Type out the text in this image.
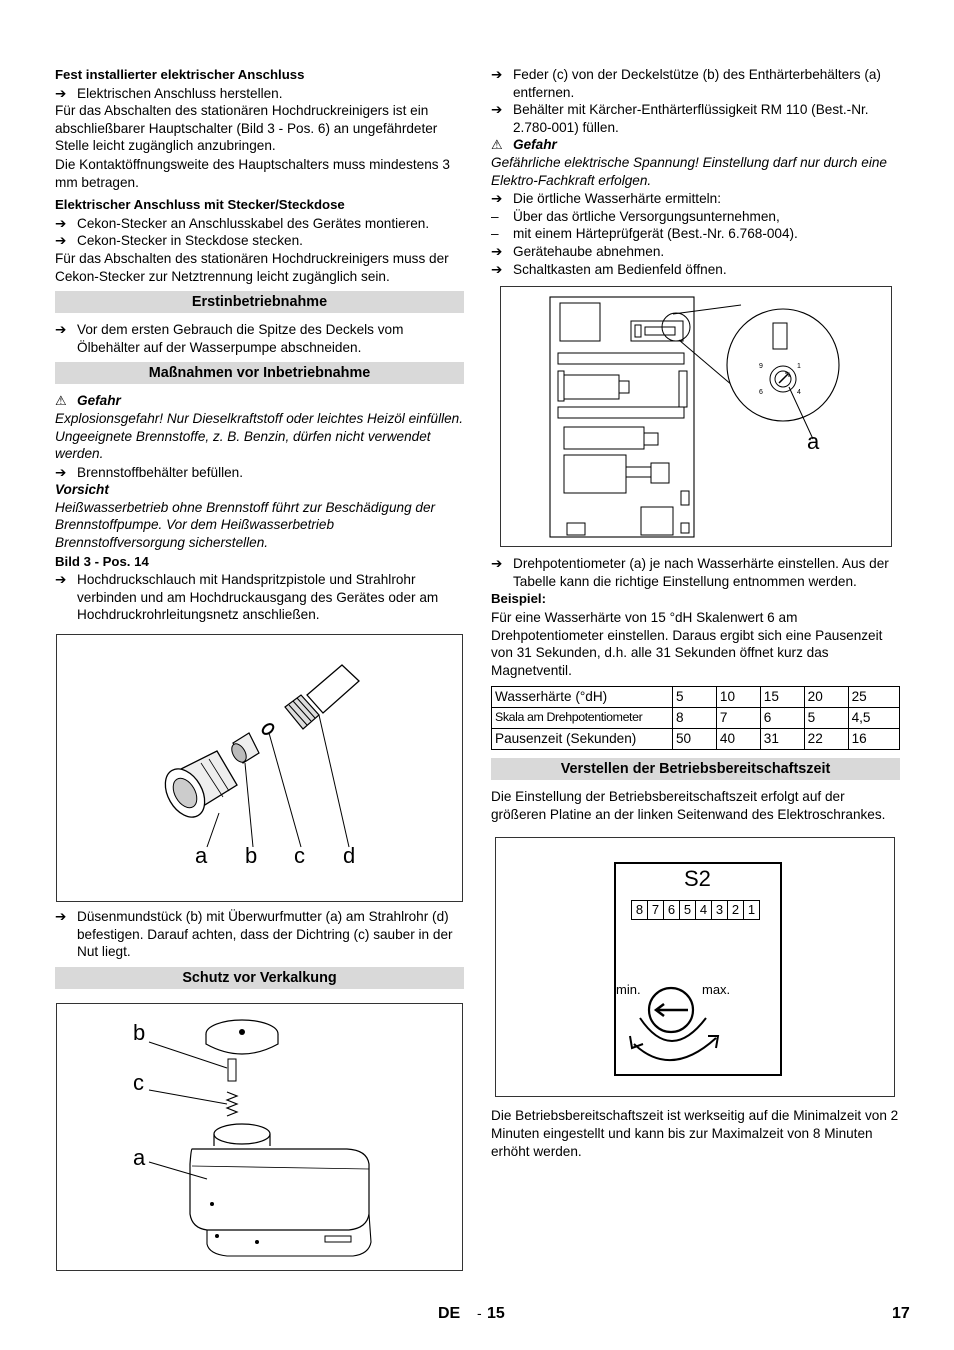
Fest installierter elektrischer Anschluss
➔ Elektrischen Anschluss herstellen.
Für das Abschalten des stationären Hochdruckreinigers ist ein abschließbarer Hauptschalter (Bild 3 - Pos. 6) an ungefährdeter Stelle leicht zugänglich anzubringen.
Die Kontaktöffnungsweite des Hauptschalters muss mindestens 3 mm betragen.
Elektrischer Anschluss mit Stecker/Steckdose
➔ Cekon-Stecker an Anschlusskabel des Gerätes montieren.
➔ Cekon-Stecker in Steckdose stecken.
Für das Abschalten des stationären Hochdruckreinigers muss der Cekon-Stecker zur Netztrennung leicht zugänglich sein.
Erstinbetriebnahme
➔ Vor dem ersten Gebrauch die Spitze des Deckels vom Ölbehälter auf der Wasserpumpe abschneiden.
Maßnahmen vor Inbetriebnahme
⚠ Gefahr
Explosionsgefahr! Nur Dieselkraftstoff oder leichtes Heizöl einfüllen. Ungeeignete Brennstoffe, z. B. Benzin, dürfen nicht verwendet werden.
➔ Brennstoffbehälter befüllen.
Vorsicht
Heißwasserbetrieb ohne Brennstoff führt zur Beschädigung der Brennstoffpumpe. Vor dem Heißwasserbetrieb Brennstoffversorgung sicherstellen.
Bild 3 - Pos. 14
➔ Hochdruckschlauch mit Handspritzpistole und Strahlrohr verbinden und am Hochdruckausgang des Gerätes oder am Hochdruckrohrleitungsnetz anschließen.
a b c d
➔ Düsenmundstück (b) mit Überwurfmutter (a) am Strahlrohr (d) befestigen. Darauf achten, dass der Dichtring (c) sauber in der Nut liegt.
Schutz vor Verkalkung
b
c
a
➔ Feder (c) von der Deckelstütze (b) des Enthärterbehälters (a) entfernen.
➔ Behälter mit Kärcher-Enthärterflüssigkeit RM 110 (Best.-Nr. 2.780-001) füllen.
⚠ Gefahr
Gefährliche elektrische Spannung! Einstellung darf nur durch eine Elektro-Fachkraft erfolgen.
➔ Die örtliche Wasserhärte ermitteln:
–	Über das örtliche Versorgungsunternehmen,
–	mit einem Härteprüfgerät (Best.-Nr. 6.768-004).
➔ Gerätehaube abnehmen.
➔ Schaltkasten am Bedienfeld öffnen.
9	1
6	4
a
➔ Drehpotentiometer (a) je nach Wasserhärte einstellen. Aus der Tabelle kann die richtige Einstellung entnommen werden.
Beispiel:
Für eine Wasserhärte von 15 °dH Skalenwert 6 am Drehpotentiometer einstellen. Daraus ergibt sich eine Pausenzeit von 31 Sekunden, d.h. alle 31 Sekunden öffnet kurz das Magnetventil.
Wasserhärte (°dH)	5	10	15	20	25
Skala am Drehpotentiometer	8	7	6	5	4,5
Pausenzeit (Sekunden)	50	40	31	22	16
Verstellen der Betriebsbereitschaftszeit
Die Einstellung der Betriebsbereitschaftszeit erfolgt auf der größeren Platine an der linken Seitenwand des Elektroschrankes.
S2
8 7 6 5 4 3 2 1
min.	max.
Die Betriebsbereitschaftszeit ist werkseitig auf die Minimalzeit von 2 Minuten eingestellt und kann bis zur Maximalzeit von 8 Minuten erhöht werden.
DE - 15	17
